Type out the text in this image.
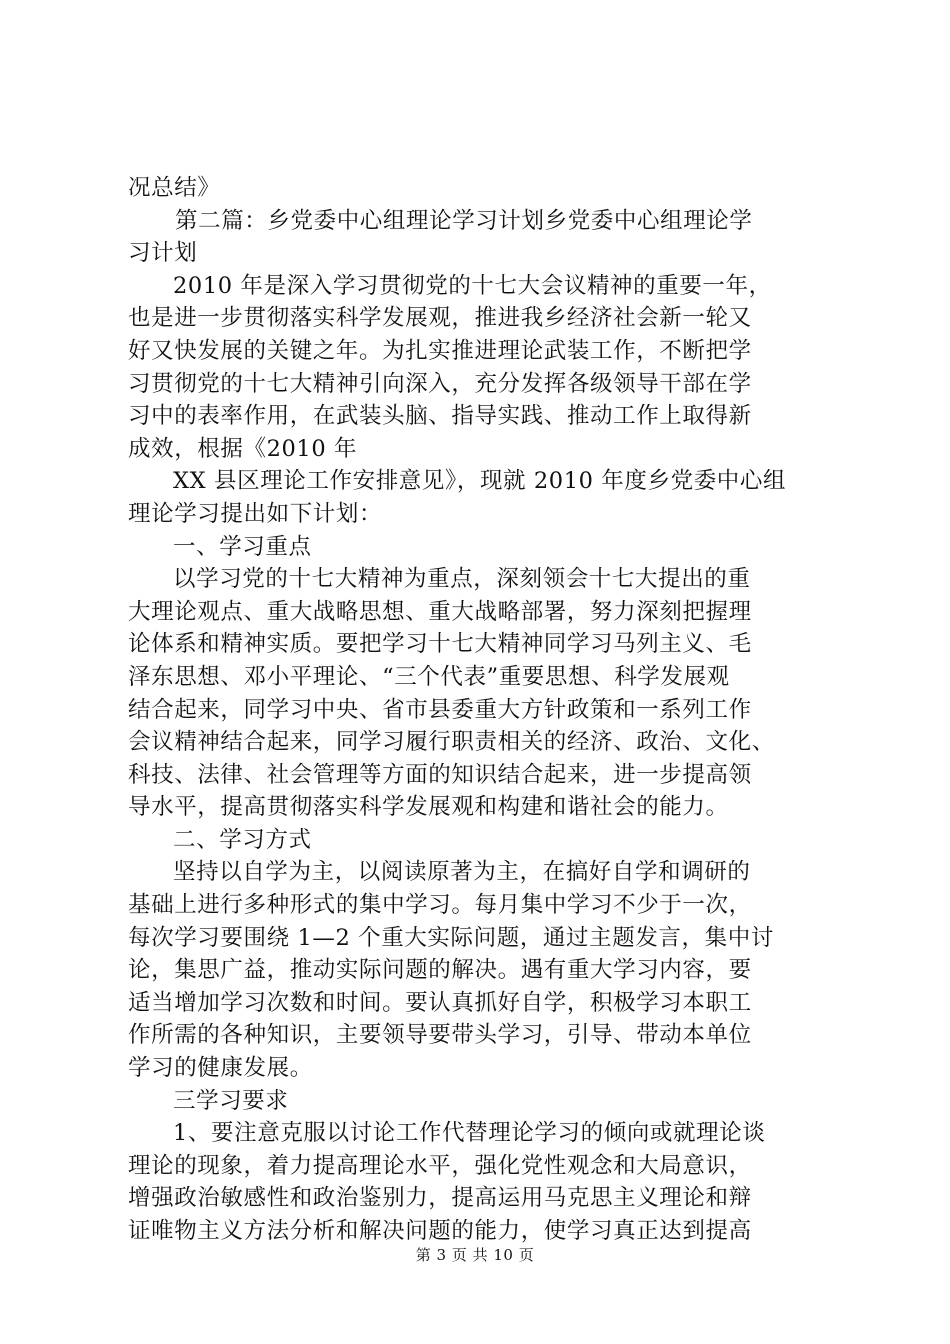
况总结》
第二篇：乡党委中心组理论学习计划乡党委中心组理论学
习计划
2010 年是深入学习贯彻党的十七大会议精神的重要一年，
也是进一步贯彻落实科学发展观，推进我乡经济社会新一轮又
好又快发展的关键之年。为扎实推进理论武装工作，不断把学
习贯彻党的十七大精神引向深入，充分发挥各级领导干部在学
习中的表率作用，在武装头脑、指导实践、推动工作上取得新
成效，根据《2010 年
XX 县区理论工作安排意见》，现就 2010 年度乡党委中心组
理论学习提出如下计划：
一、学习重点
以学习党的十七大精神为重点，深刻领会十七大提出的重
大理论观点、重大战略思想、重大战略部署，努力深刻把握理
论体系和精神实质。要把学习十七大精神同学习马列主义、毛
泽东思想、邓小平理论、“三个代表”重要思想、科学发展观
结合起来，同学习中央、省市县委重大方针政策和一系列工作
会议精神结合起来，同学习履行职责相关的经济、政治、文化、
科技、法律、社会管理等方面的知识结合起来，进一步提高领
导水平，提高贯彻落实科学发展观和构建和谐社会的能力。
二、学习方式
坚持以自学为主，以阅读原著为主，在搞好自学和调研的
基础上进行多种形式的集中学习。每月集中学习不少于一次，
每次学习要围绕 1—2 个重大实际问题，通过主题发言，集中讨
论，集思广益，推动实际问题的解决。遇有重大学习内容，要
适当增加学习次数和时间。要认真抓好自学，积极学习本职工
作所需的各种知识，主要领导要带头学习，引导、带动本单位
学习的健康发展。
三学习要求
1、要注意克服以讨论工作代替理论学习的倾向或就理论谈
理论的现象，着力提高理论水平，强化党性观念和大局意识，
增强政治敏感性和政治鉴别力，提高运用马克思主义理论和辩
证唯物主义方法分析和解决问题的能力，使学习真正达到提高
第 3 页 共 10 页
